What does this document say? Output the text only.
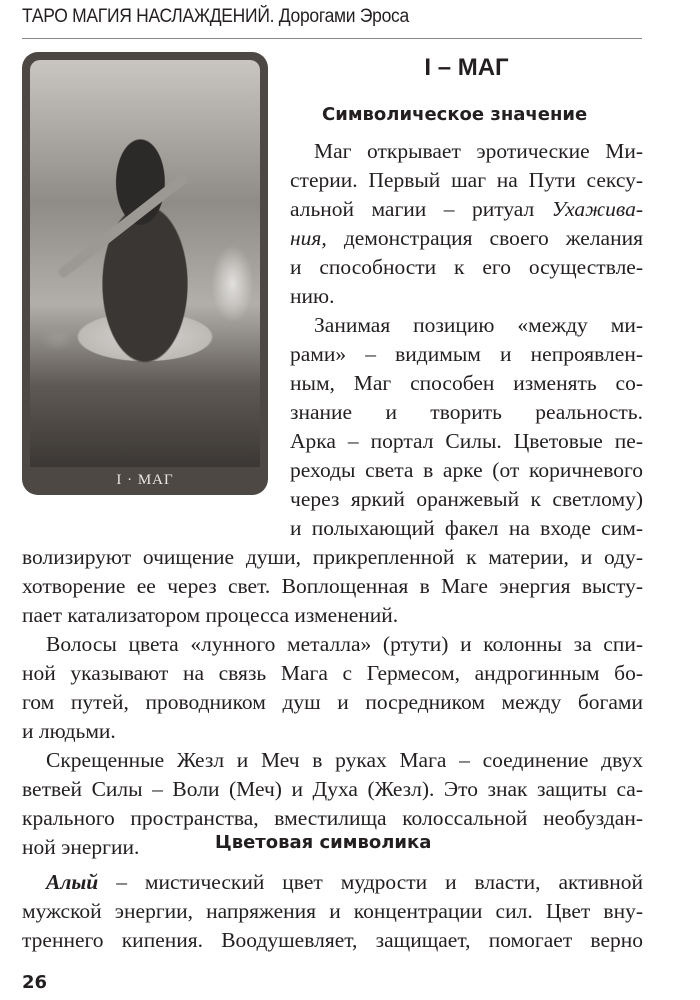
ТАРО МАГИЯ НАСЛАЖДЕНИЙ. Дорогами Эроса
I · МАГ
I – МАГ
Символическое значение
Маг открывает эротические Ми-
стерии. Первый шаг на Пути сексу-
альной магии – ритуал Ухажива-
ния, демонстрация своего желания
и способности к его осуществле-
нию.
Занимая позицию «между ми-
рами» – видимым и непроявлен-
ным, Маг способен изменять со-
знание и творить реальность.
Арка – портал Силы. Цветовые пе-
реходы света в арке (от коричневого
через яркий оранжевый к светлому)
и полыхающий факел на входе сим-
волизируют очищение души, прикрепленной к материи, и оду-
хотворение ее через свет. Воплощенная в Маге энергия высту-
пает катализатором процесса изменений.
Волосы цвета «лунного металла» (ртути) и колонны за спи-
ной указывают на связь Мага с Гермесом, андрогинным бо-
гом путей, проводником душ и посредником между богами
и людьми.
Скрещенные Жезл и Меч в руках Мага – соединение двух
ветвей Силы – Воли (Меч) и Духа (Жезл). Это знак защиты са-
крального пространства, вместилища колоссальной необуздан-
ной энергии.	Цветовая символика
Алый – мистический цвет мудрости и власти, активной
мужской энергии, напряжения и концентрации сил. Цвет вну-
треннего кипения. Воодушевляет, защищает, помогает верно
26
